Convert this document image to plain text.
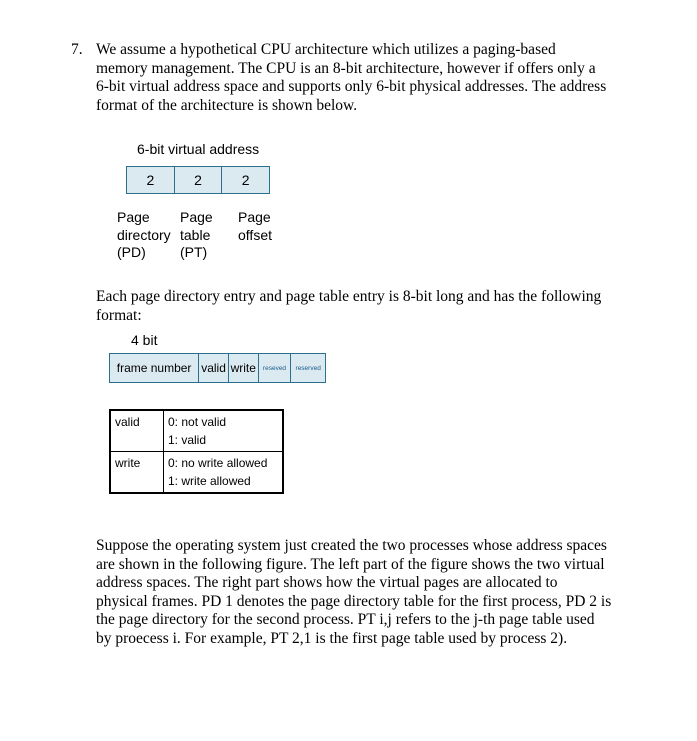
7. We assume a hypothetical CPU architecture which utilizes a paging-based
memory management. The CPU is an 8-bit architecture, however if offers only a
6-bit virtual address space and supports only 6-bit physical addresses. The address
format of the architecture is shown below.

6-bit virtual address
2	2	2
Page
directory
(PD)
Page
table
(PT)
Page
offset

Each page directory entry and page table entry is 8-bit long and has the following
format:

4 bit
frame number valid write	reseved	reserved
valid	0: not valid
1: valid

write	0: no write allowed
1: write allowed

Suppose the operating system just created the two processes whose address spaces
are shown in the following figure. The left part of the figure shows the two virtual
address spaces. The right part shows how the virtual pages are allocated to
physical frames. PD 1 denotes the page directory table for the first process, PD 2 is
the page directory for the second process. PT i,j refers to the j-th page table used
by proecess i. For example, PT 2,1 is the first page table used by process 2).
